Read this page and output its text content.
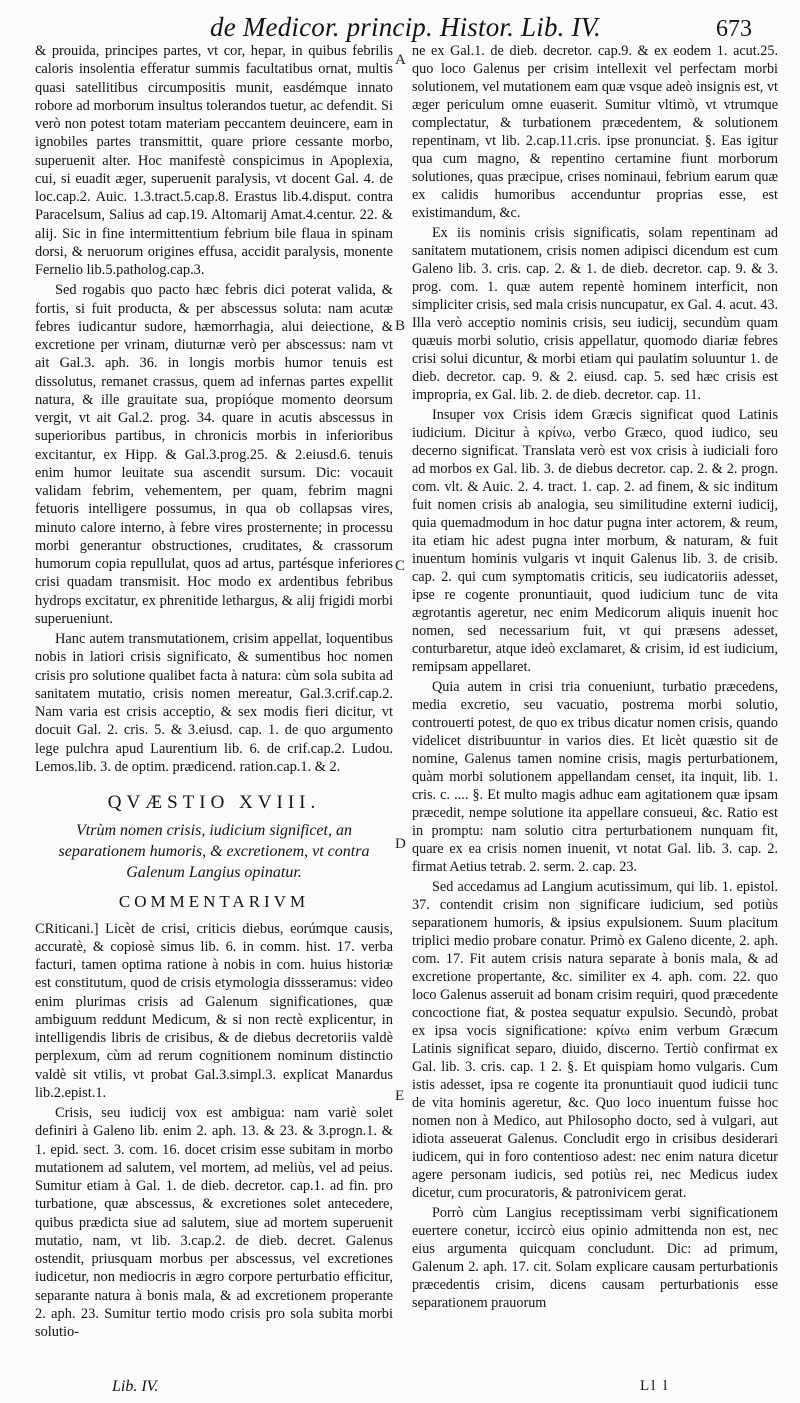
de Medicor. princip. Histor. Lib. IV.	673

& prouida, principes partes, vt cor, hepar, in quibus febrilis caloris insolentia efferatur summis facultatibus ornat, multis quasi satellitibus circumpositis munit, easdémque innato robore ad morborum insultus tolerandos tuetur, ac defendit. Si verò non potest totam materiam peccantem deuincere, eam in ignobiles partes transmittit, quare priore cessante morbo, superuenit alter. Hoc manifestè conspicimus in Apoplexia, cui, si euadit æger, superuenit paralysis, vt docent Gal. 4. de loc.cap.2. Auic. 1.3.tract.5.cap.8. Erastus lib.4.disput. contra Paracelsum, Salius ad cap.19. Altomarij Amat.4.centur. 22. & alij. Sic in fine intermittentium febrium bile flaua in spinam dorsi, & neruorum origines effusa, accidit paralysis, monente Fernelio lib.5.patholog.cap.3.

Sed rogabis quo pacto hæc febris dici poterat valida, & fortis, si fuit producta, & per abscessus soluta: nam acutæ febres iudicantur sudore, hæmorrhagia, alui deiectione, & excretione per vrinam, diuturnæ verò per abscessus: nam vt ait Gal.3. aph. 36. in longis morbis humor tenuis est dissolutus, remanet crassus, quem ad infernas partes expellit natura, & ille grauitate sua, propióque momento deorsum vergit, vt ait Gal.2. prog. 34. quare in acutis abscessus in superioribus partibus, in chronicis morbis in inferioribus excitantur, ex Hipp. & Gal.3.prog.25. & 2.eiusd.6. tenuis enim humor leuitate sua ascendit sursum. Dic: vocauit validam febrim, vehementem, per quam, febrim magni fetuoris intelligere possumus, in qua ob collapsas vires, minuto calore interno, à febre vires prosternente; in processu morbi generantur obstructiones, cruditates, & crassorum humorum copia repullulat, quos ad artus, partésque inferiores crisi quadam transmisit. Hoc modo ex ardentibus febribus hydrops excitatur, ex phrenitide lethargus, & alij frigidi morbi superueniunt.

Hanc autem transmutationem, crisim appellat, loquentibus nobis in latiori crisis significato, & sumentibus hoc nomen crisis pro solutione qualibet facta à natura: cùm sola subita ad sanitatem mutatio, crisis nomen mereatur, Gal.3.crif.cap.2. Nam varia est crisis acceptio, & sex modis fieri dicitur, vt docuit Gal. 2. cris. 5. & 3.eiusd. cap. 1. de quo argumento lege pulchra apud Laurentium lib. 6. de crif.cap.2. Ludou. Lemos.lib. 3. de optim. prædicend. ration.cap.1. & 2.

QVÆSTIO XVIII.
Vtrùm nomen crisis, iudicium significet, an separationem humoris, & excretionem, vt contra Galenum Langius opinatur.
COMMENTARIVM

CRiticani.] Licèt de crisi, criticis diebus, eorúmque causis, accuratè, & copiosè simus lib. 6. in comm. hist. 17. verba facturi, tamen optima ratione à nobis in com. huius historiæ est constitutum, quod de crisis etymologia dissseramus: video enim plurimas crisis ad Galenum significationes, quæ ambiguum reddunt Medicum, & si non rectè explicentur, in intelligendis libris de crisibus, & de diebus decretoriis valdè perplexum, cùm ad rerum cognitionem nominum distinctio valdè sit vtilis, vt probat Gal.3.simpl.3. explicat Manardus lib.2.epist.1.

Crisis, seu iudicij vox est ambigua: nam variè solet definiri à Galeno lib. enim 2. aph. 13. & 23. & 3.progn.1. & 1. epid. sect. 3. com. 16. docet crisim esse subitam in morbo mutationem ad salutem, vel mortem, ad meliùs, vel ad peius. Sumitur etiam à Gal. 1. de dieb. decretor. cap.1. ad fin. pro turbatione, quæ abscessus, & excretiones solet antecedere, quibus prædicta siue ad salutem, siue ad mortem superuenit mutatio, nam, vt lib. 3.cap.2. de dieb. decret. Galenus ostendit, priusquam morbus per abscessus, vel excretiones iudicetur, non mediocris in ægro corpore perturbatio efficitur, separante natura à bonis mala, & ad excretionem properante 2. aph. 23. Sumitur tertio modo crisis pro sola subita morbi solutio-

A
B
C
D
E

ne ex Gal.1. de dieb. decretor. cap.9. & ex eodem 1. acut.25. quo loco Galenus per crisim intellexit vel perfectam morbi solutionem, vel mutationem eam quæ vsque adeò insignis est, vt æger periculum omne euaserit. Sumitur vltimò, vt vtrumque complectatur, & turbationem præcedentem, & solutionem repentinam, vt lib. 2.cap.11.cris. ipse pronunciat. §. Eas igitur qua cum magno, & repentino certamine fiunt morborum solutiones, quas præcipue, crises nominaui, febrium earum quæ ex calidis humoribus accenduntur proprias esse, est existimandum, &c.

Ex iis nominis crisis significatis, solam repentinam ad sanitatem mutationem, crisis nomen adipisci dicendum est cum Galeno lib. 3. cris. cap. 2. & 1. de dieb. decretor. cap. 9. & 3. prog. com. 1. quæ autem repentè hominem interficit, non simpliciter crisis, sed mala crisis nuncupatur, ex Gal. 4. acut. 43. Illa verò acceptio nominis crisis, seu iudicij, secundùm quam quæuis morbi solutio, crisis appellatur, quomodo diariæ febres crisi solui dicuntur, & morbi etiam qui paulatim soluuntur 1. de dieb. decretor. cap. 9. & 2. eiusd. cap. 5. sed hæc crisis est impropria, ex Gal. lib. 2. de dieb. decretor. cap. 11.

Insuper vox Crisis idem Græcis significat quod Latinis iudicium. Dicitur à κρίνω, verbo Græco, quod iudico, seu decerno significat. Translata verò est vox crisis à iudiciali foro ad morbos ex Gal. lib. 3. de diebus decretor. cap. 2. & 2. progn. com. vlt. & Auic. 2. 4. tract. 1. cap. 2. ad finem, & sic inditum fuit nomen crisis ab analogia, seu similitudine externi iudicij, quia quemadmodum in hoc datur pugna inter actorem, & reum, ita etiam hic adest pugna inter morbum, & naturam, & fuit inuentum hominis vulgaris vt inquit Galenus lib. 3. de crisib. cap. 2. qui cum symptomatis criticis, seu iudicatoriis adesset, ipse re cogente pronuntiauit, quod iudicium tunc de vita ægrotantis ageretur, nec enim Medicorum aliquis inuenit hoc nomen, sed necessarium fuit, vt qui præsens adesset, conturbaretur, atque ideò exclamaret, & crisim, id est iudicium, remipsam appellaret.

Quia autem in crisi tria conueniunt, turbatio præcedens, media excretio, seu vacuatio, postrema morbi solutio, controuerti potest, de quo ex tribus dicatur nomen crisis, quando videlicet distribuuntur in varios dies. Et licèt quæstio sit de nomine, Galenus tamen nomine crisis, magis perturbationem, quàm morbi solutionem appellandam censet, ita inquit, lib. 1. cris. c. .... §. Et multo magis adhuc eam agitationem quæ ipsam præcedit, nempe solutione ita appellare consueui, &c. Ratio est in promptu: nam solutio citra perturbationem nunquam fit, quare ex ea crisis nomen inuenit, vt notat Gal. lib. 3. cap. 2. firmat Aetius tetrab. 2. serm. 2. cap. 23.

Sed accedamus ad Langium acutissimum, qui lib. 1. epistol. 37. contendit crisim non significare iudicium, sed potiùs separationem humoris, & ipsius expulsionem. Suum placitum triplici medio probare conatur. Primò ex Galeno dicente, 2. aph. com. 17. Fit autem crisis natura separate à bonis mala, & ad excretione propertante, &c. similiter ex 4. aph. com. 22. quo loco Galenus asseruit ad bonam crisim requiri, quod præcedente concoctione fiat, & postea sequatur expulsio. Secundò, probat ex ipsa vocis significatione: κρίνω enim verbum Græcum Latinis significat separo, diuido, discerno. Tertiò confirmat ex Gal. lib. 3. cris. cap. 1 2. §. Et quispiam homo vulgaris. Cum istis adesset, ipsa re cogente ita pronuntiauit quod iudicii tunc de vita hominis ageretur, &c. Quo loco inuentum fuisse hoc nomen non à Medico, aut Philosopho docto, sed à vulgari, aut idiota asseuerat Galenus. Concludit ergo in crisibus desiderari iudicem, qui in foro contentioso adest: nec enim natura dicetur agere personam iudicis, sed potiùs rei, nec Medicus iudex dicetur, cum procuratoris, & patronivicem gerat.

Porrò cùm Langius receptissimam verbi significationem euertere conetur, iccircò eius opinio admittenda non est, nec eius argumenta quicquam concludunt. Dic: ad primum, Galenum 2. aph. 17. cit. Solam explicare causam perturbationis præcedentis crisim, dicens causam perturbationis esse separationem prauorum

Lib. IV.	Ll l
